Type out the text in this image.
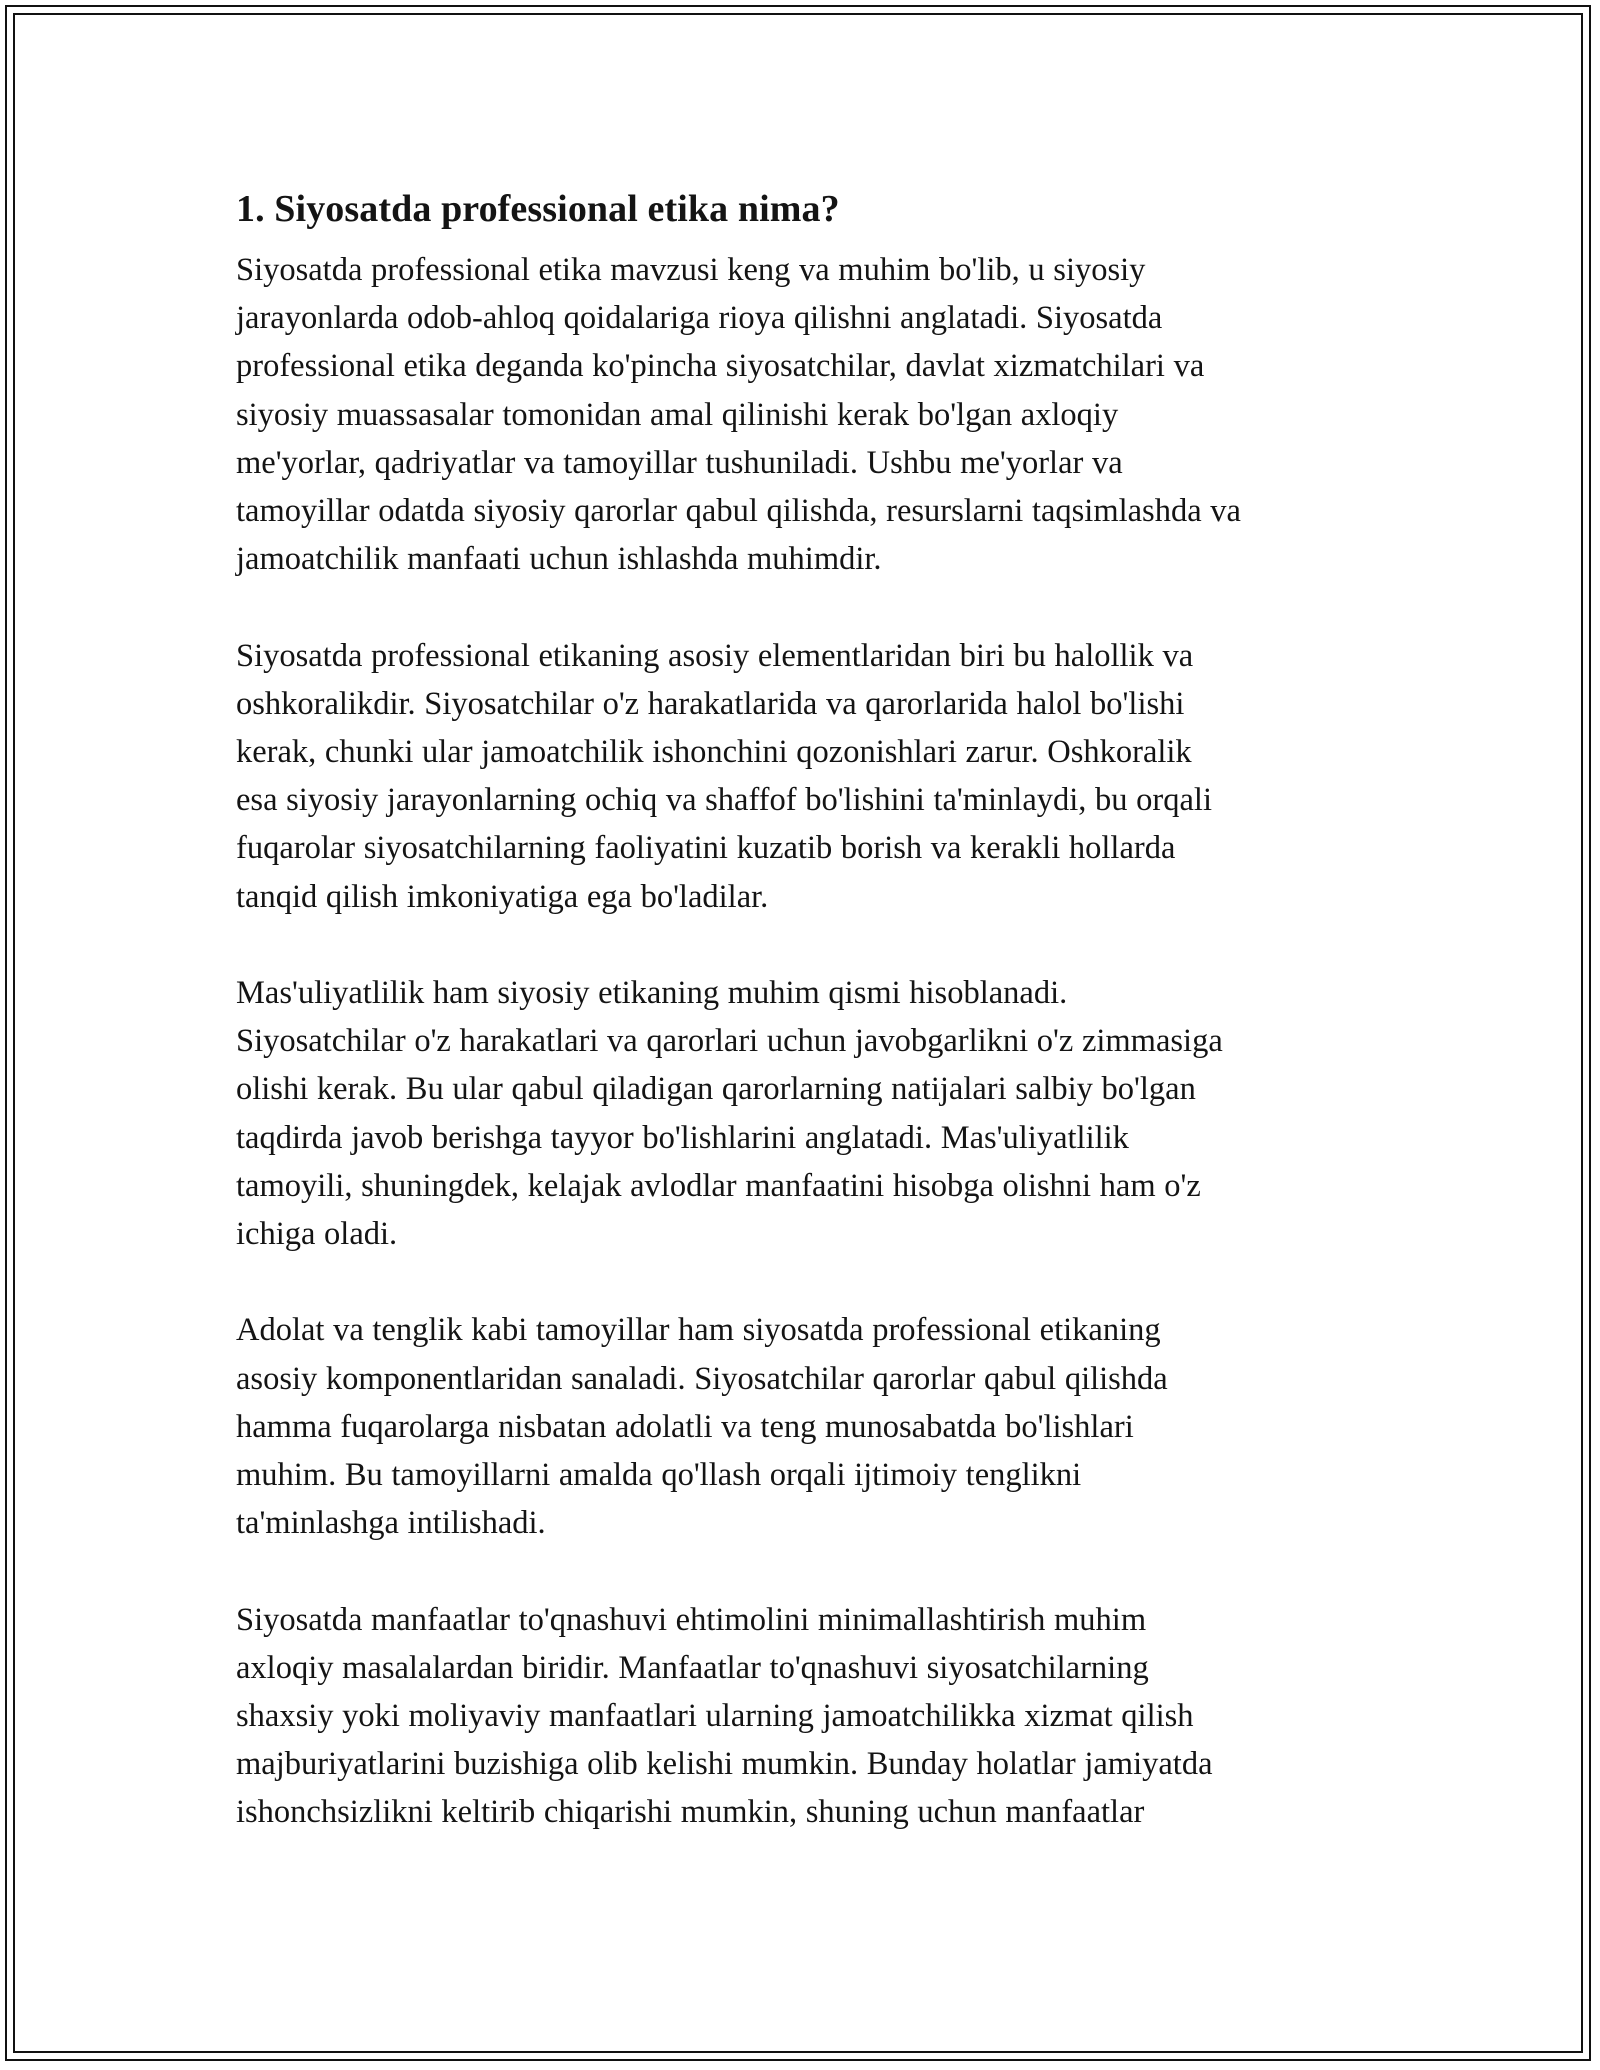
1. Siyosatda professional etika nima?

Siyosatda professional etika mavzusi keng va muhim bo'lib, u siyosiy
jarayonlarda odob-ahloq qoidalariga rioya qilishni anglatadi. Siyosatda
professional etika deganda ko'pincha siyosatchilar, davlat xizmatchilari va
siyosiy muassasalar tomonidan amal qilinishi kerak bo'lgan axloqiy
me'yorlar, qadriyatlar va tamoyillar tushuniladi. Ushbu me'yorlar va
tamoyillar odatda siyosiy qarorlar qabul qilishda, resurslarni taqsimlashda va
jamoatchilik manfaati uchun ishlashda muhimdir.

Siyosatda professional etikaning asosiy elementlaridan biri bu halollik va
oshkoralikdir. Siyosatchilar o'z harakatlarida va qarorlarida halol bo'lishi
kerak, chunki ular jamoatchilik ishonchini qozonishlari zarur. Oshkoralik
esa siyosiy jarayonlarning ochiq va shaffof bo'lishini ta'minlaydi, bu orqali
fuqarolar siyosatchilarning faoliyatini kuzatib borish va kerakli hollarda
tanqid qilish imkoniyatiga ega bo'ladilar.

Mas'uliyatlilik ham siyosiy etikaning muhim qismi hisoblanadi.
Siyosatchilar o'z harakatlari va qarorlari uchun javobgarlikni o'z zimmasiga
olishi kerak. Bu ular qabul qiladigan qarorlarning natijalari salbiy bo'lgan
taqdirda javob berishga tayyor bo'lishlarini anglatadi. Mas'uliyatlilik
tamoyili, shuningdek, kelajak avlodlar manfaatini hisobga olishni ham o'z
ichiga oladi.

Adolat va tenglik kabi tamoyillar ham siyosatda professional etikaning
asosiy komponentlaridan sanaladi. Siyosatchilar qarorlar qabul qilishda
hamma fuqarolarga nisbatan adolatli va teng munosabatda bo'lishlari
muhim. Bu tamoyillarni amalda qo'llash orqali ijtimoiy tenglikni
ta'minlashga intilishadi.

Siyosatda manfaatlar to'qnashuvi ehtimolini minimallashtirish muhim
axloqiy masalalardan biridir. Manfaatlar to'qnashuvi siyosatchilarning
shaxsiy yoki moliyaviy manfaatlari ularning jamoatchilikka xizmat qilish
majburiyatlarini buzishiga olib kelishi mumkin. Bunday holatlar jamiyatda
ishonchsizlikni keltirib chiqarishi mumkin, shuning uchun manfaatlar
